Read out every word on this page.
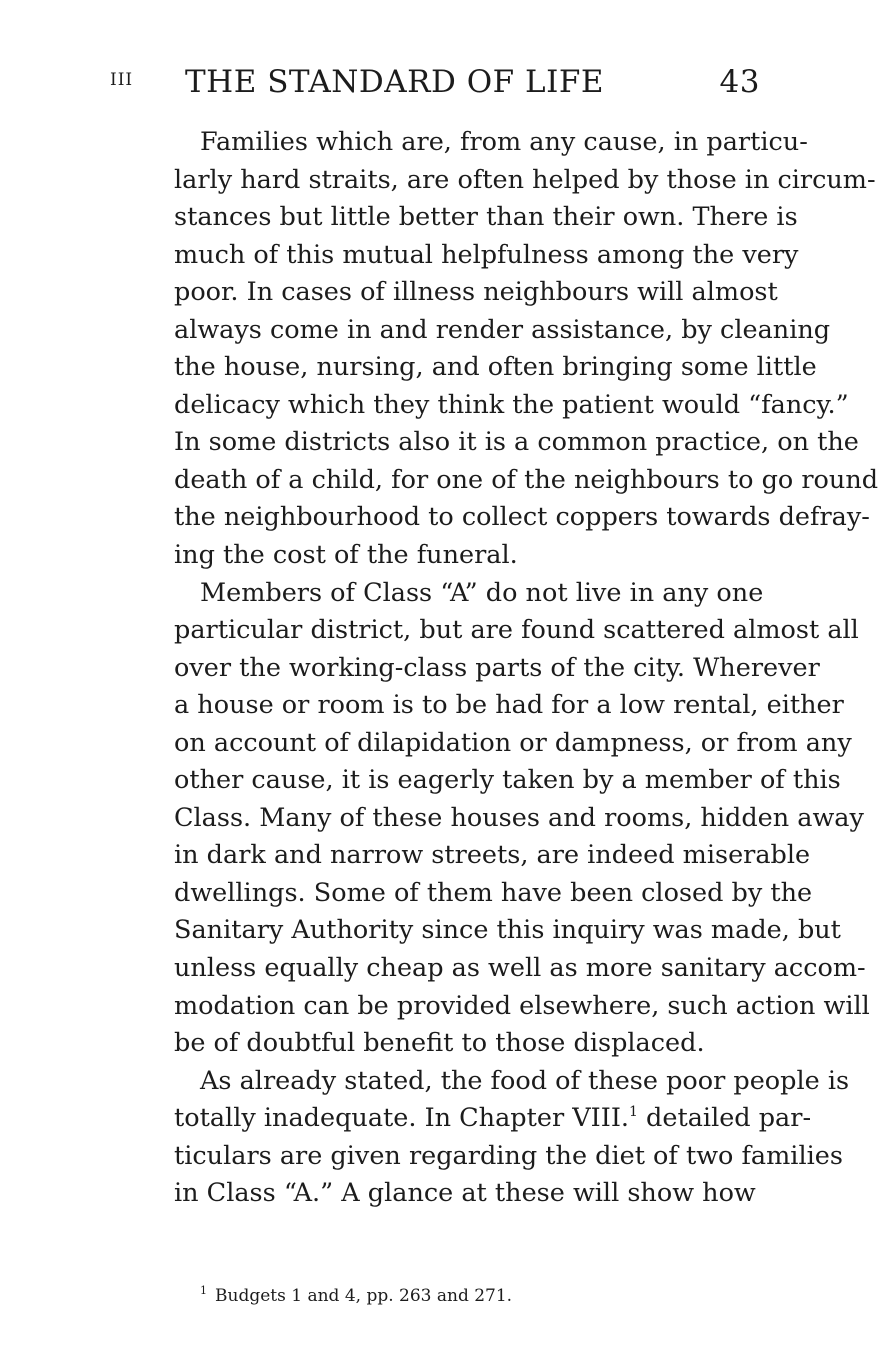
III THE STANDARD OF LIFE	43
Families which are, from any cause, in particu-
larly hard straits, are often helped by those in circum-
stances but little better than their own. There is
much of this mutual helpfulness among the very
poor. In cases of illness neighbours will almost
always come in and render assistance, by cleaning
the house, nursing, and often bringing some little
delicacy which they think the patient would “fancy.”
In some districts also it is a common practice, on the
death of a child, for one of the neighbours to go round
the neighbourhood to collect coppers towards defray-
ing the cost of the funeral.
Members of Class “A” do not live in any one
particular district, but are found scattered almost all
over the working-class parts of the city. Wherever
a house or room is to be had for a low rental, either
on account of dilapidation or dampness, or from any
other cause, it is eagerly taken by a member of this
Class. Many of these houses and rooms, hidden away
in dark and narrow streets, are indeed miserable
dwellings. Some of them have been closed by the
Sanitary Authority since this inquiry was made, but
unless equally cheap as well as more sanitary accom-
modation can be provided elsewhere, such action will
be of doubtful benefit to those displaced.
As already stated, the food of these poor people is
totally inadequate. In Chapter VIII.$^1$ detailed par-
ticulars are given regarding the diet of two families
in Class “A.” A glance at these will show how
$^1$ Budgets 1 and 4, pp. 263 and 271.
